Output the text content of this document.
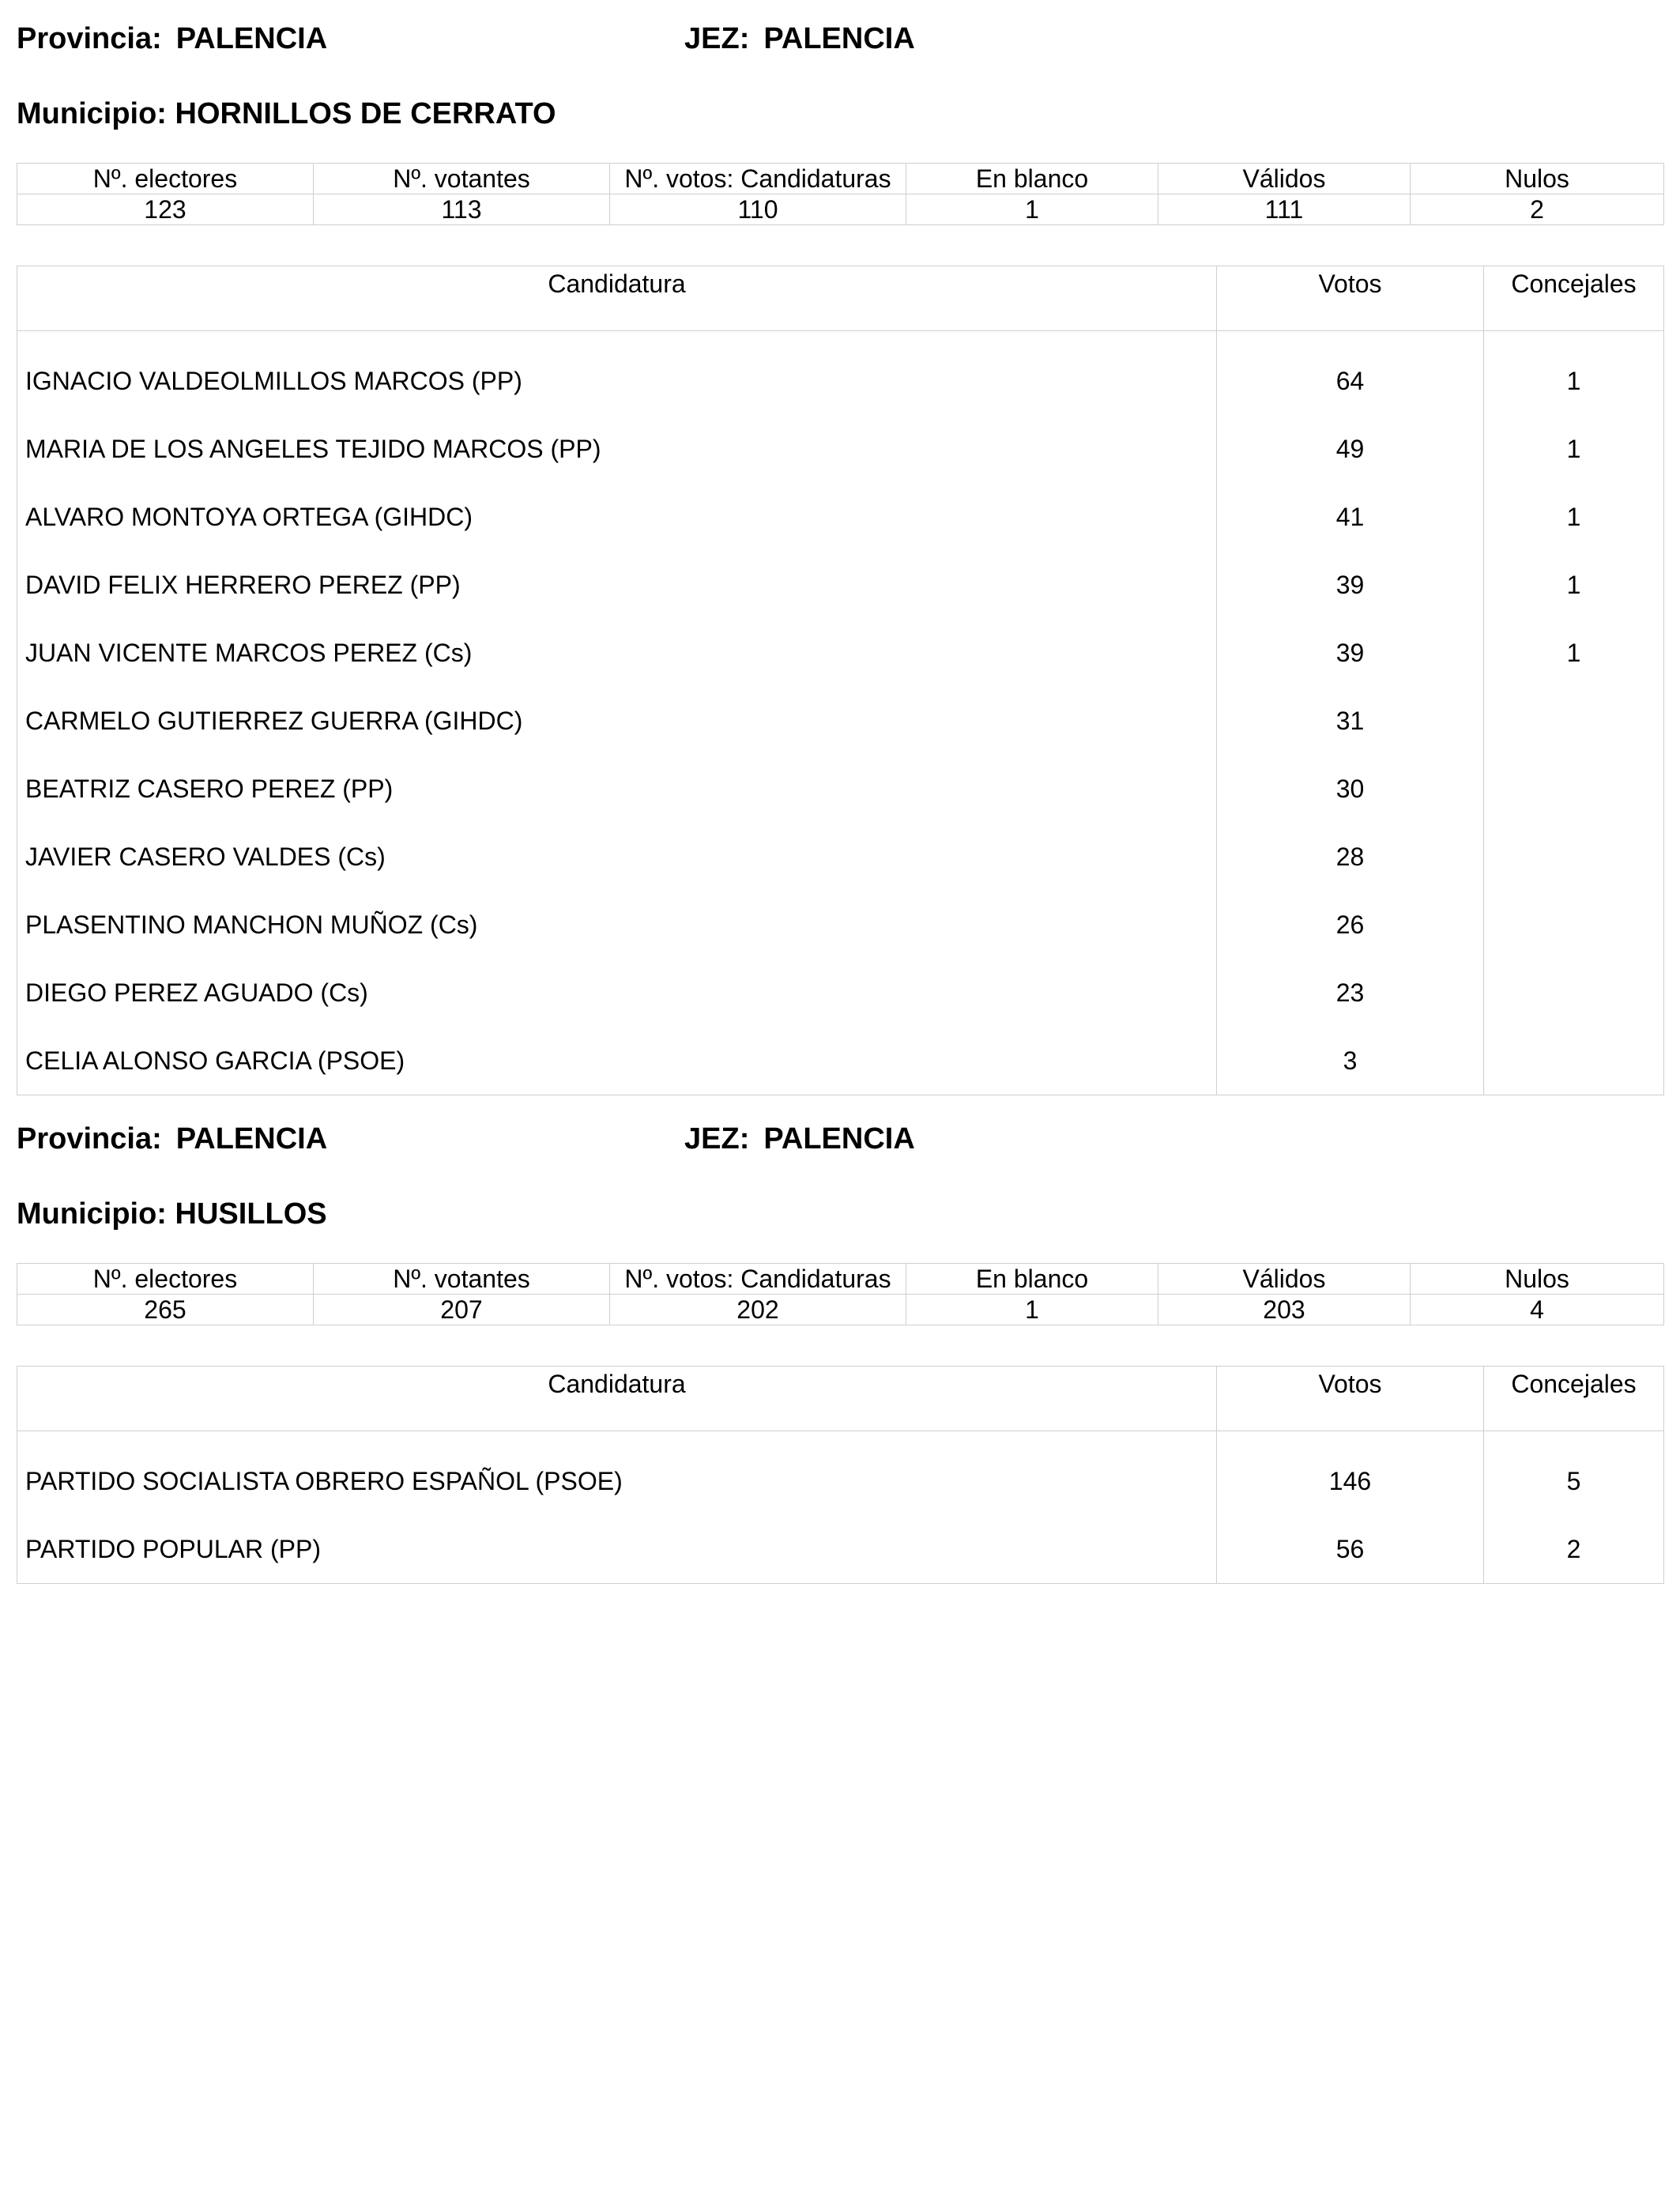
Provincia: PALENCIA	JEZ: PALENCIA
Municipio: HORNILLOS DE CERRATO
Nº. electores	Nº. votantes	Nº. votos: Candidaturas	En blanco	Válidos	Nulos
123	113	110	1	111	2
Candidatura	Votos	Concejales

IGNACIO VALDEOLMILLOS MARCOS (PP)	64	1
MARIA DE LOS ANGELES TEJIDO MARCOS (PP)	49	1
ALVARO MONTOYA ORTEGA (GIHDC)	41	1
DAVID FELIX HERRERO PEREZ (PP)	39	1
JUAN VICENTE MARCOS PEREZ (Cs)	39	1
CARMELO GUTIERREZ GUERRA (GIHDC)	31	
BEATRIZ CASERO PEREZ (PP)	30	
JAVIER CASERO VALDES (Cs)	28	
PLASENTINO MANCHON MUÑOZ (Cs)	26	
DIEGO PEREZ AGUADO (Cs)	23	
CELIA ALONSO GARCIA (PSOE)	3	
Provincia: PALENCIA	JEZ: PALENCIA
Municipio: HUSILLOS
Nº. electores	Nº. votantes	Nº. votos: Candidaturas	En blanco	Válidos	Nulos
265	207	202	1	203	4
Candidatura	Votos	Concejales

PARTIDO SOCIALISTA OBRERO ESPAÑOL (PSOE)	146	5
PARTIDO POPULAR (PP)	56	2
